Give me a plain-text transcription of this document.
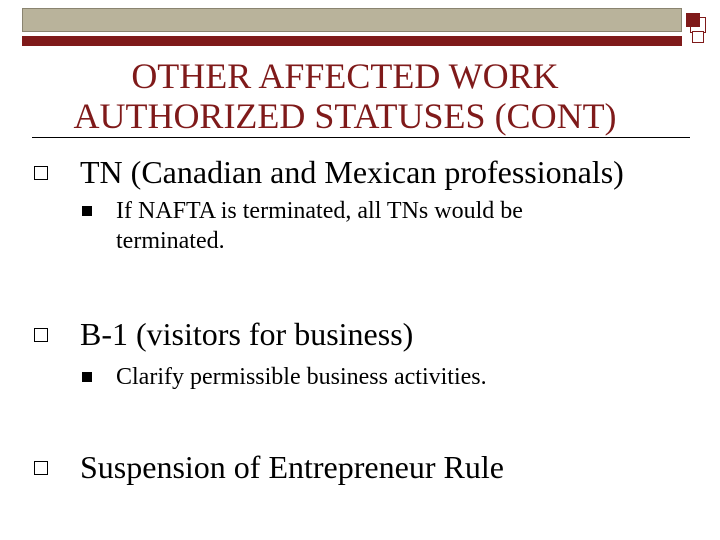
OTHER AFFECTED WORK
AUTHORIZED STATUSES (CONT)
TN (Canadian and Mexican professionals)
If NAFTA is terminated, all TNs would be terminated.
B-1 (visitors for business)
Clarify permissible business activities.
Suspension of Entrepreneur Rule
